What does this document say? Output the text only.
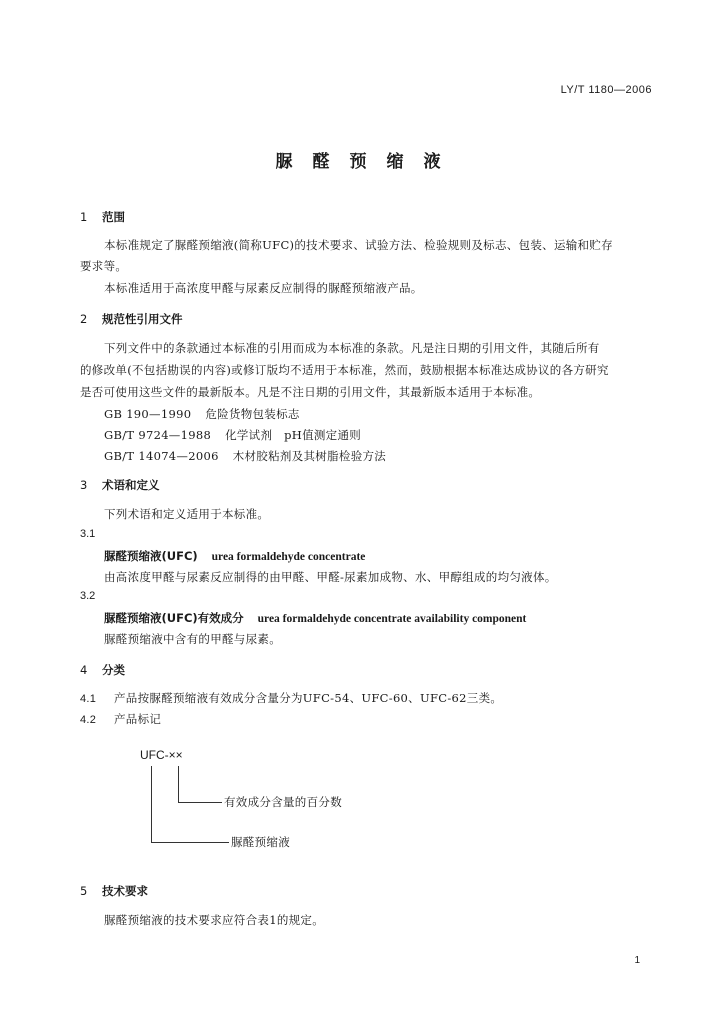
LY/T 1180—2006
脲醛预缩液
1 范围
本标准规定了脲醛预缩液(简称UFC)的技术要求、试验方法、检验规则及标志、包装、运输和贮存
要求等。
本标准适用于高浓度甲醛与尿素反应制得的脲醛预缩液产品。
2 规范性引用文件
下列文件中的条款通过本标准的引用而成为本标准的条款。凡是注日期的引用文件，其随后所有
的修改单(不包括勘误的内容)或修订版均不适用于本标准，然而，鼓励根据本标准达成协议的各方研究
是否可使用这些文件的最新版本。凡是不注日期的引用文件，其最新版本适用于本标准。
GB 190—1990 危险货物包装标志
GB/T 9724—1988 化学试剂　pH值测定通则
GB/T 14074—2006 木材胶粘剂及其树脂检验方法
3 术语和定义
下列术语和定义适用于本标准。
3.1
脲醛预缩液(UFC) urea formaldehyde concentrate
由高浓度甲醛与尿素反应制得的由甲醛、甲醛-尿素加成物、水、甲醇组成的均匀液体。
3.2
脲醛预缩液(UFC)有效成分 urea formaldehyde concentrate availability component
脲醛预缩液中含有的甲醛与尿素。
4 分类
4.1 产品按脲醛预缩液有效成分含量分为UFC-54、UFC-60、UFC-62三类。
4.2 产品标记
UFC-××
有效成分含量的百分数
脲醛预缩液
5 技术要求
脲醛预缩液的技术要求应符合表1的规定。
1
